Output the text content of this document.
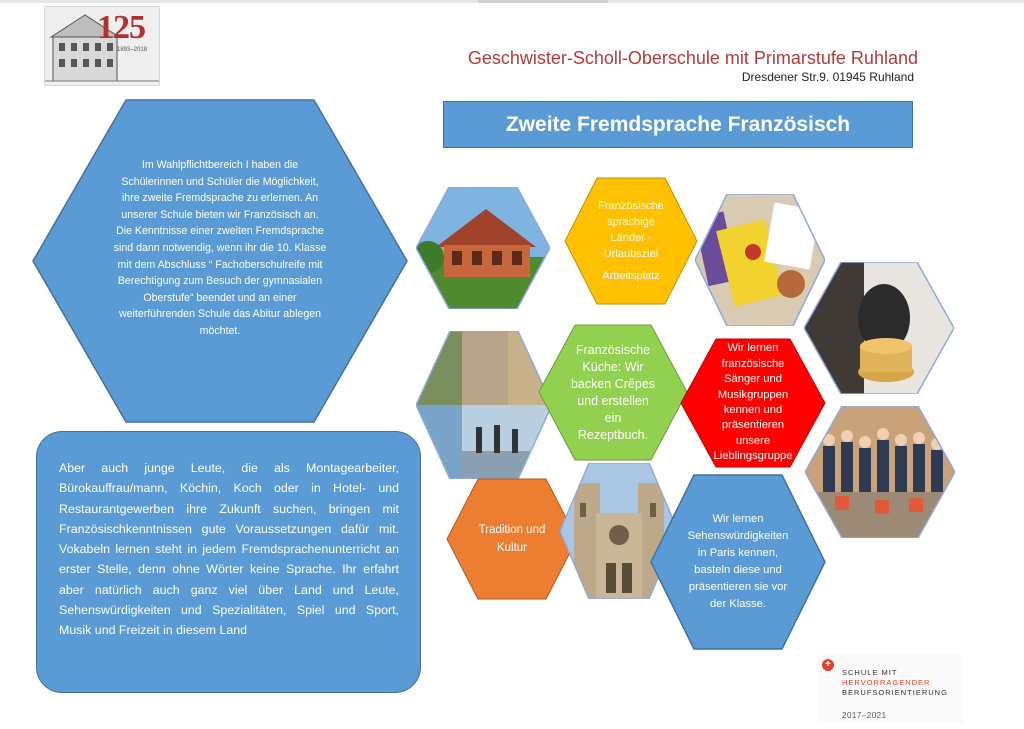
125
1893–2018	Geschwister-Scholl-Oberschule mit Primarstufe Ruhland
Dresdener Str.9. 01945 Ruhland
Zweite Fremdsprache Französisch
Im Wahlpflichtbereich I haben die Schülerinnen und Schüler die Möglichkeit, ihre zweite Fremdsprache zu erlernen. An unserer Schule bieten wir Französisch an. Die Kenntnisse einer zweiten Fremdsprache sind dann notwendig, wenn ihr die 10. Klasse mit dem Abschluss “ Fachoberschulreife mit Berechtigung zum Besuch der gymnasialen Oberstufe“ beendet und an einer weiterführenden Schule das Abitur ablegen möchtet.
Aber auch junge Leute, die als Montagearbeiter, Bürokauffrau/mann, Köchin, Koch oder in Hotel- und Restaurantgewerben ihre Zukunft suchen, bringen mit Französischkenntnissen gute Voraussetzungen dafür mit. Vokabeln lernen steht in jedem Fremdsprachenunterricht an erster Stelle, denn ohne Wörter keine Sprache. Ihr erfahrt aber natürlich auch ganz viel über Land und Leute, Sehenswürdigkeiten und Spezialitäten, Spiel und Sport, Musik und Freizeit in diesem Land
Französische sprachige Länder - Urlaubsziel
Arbeitsplatz
Französische Küche: Wir backen Crêpes und erstellen ein Rezeptbuch.
Wir lernen französische Sänger und Musikgruppen kennen und präsentieren unsere Lieblingsgruppe
Tradition und Kultur
Wir lernen Sehenswürdigkeiten in Paris kennen, basteln diese und präsentieren sie vor der Klasse.
+
SCHULE MIT
HERVORRAGENDER
BERUFSORIENTIERUNG
2017–2021
